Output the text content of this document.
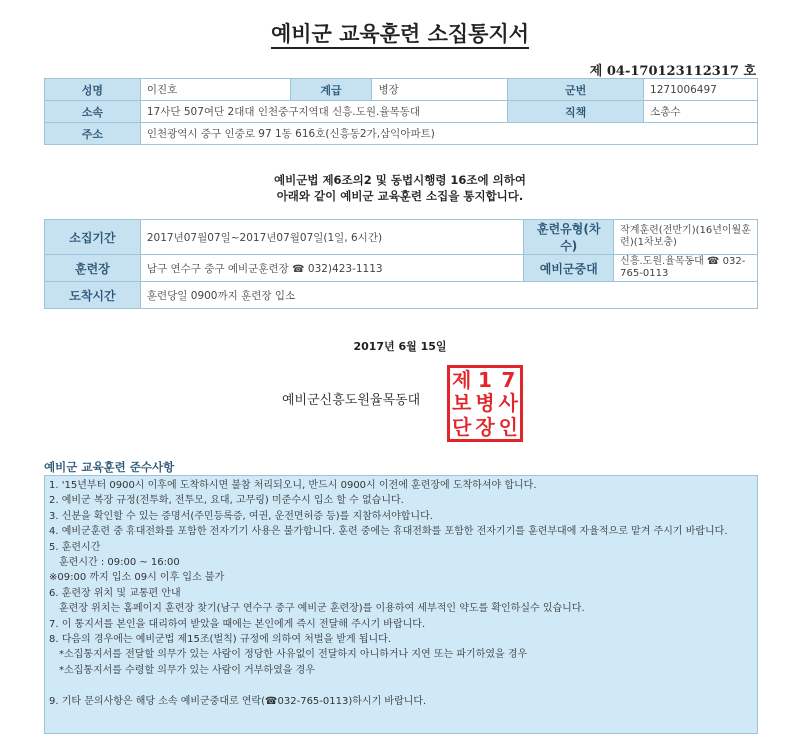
예비군 교육훈련 소집통지서
제 04-170123112317 호
성명	이진호	계급	병장	군번	1271006497
소속	17사단 507여단 2대대 인천중구지역대 신흥.도원.율목동대			직책	소총수
주소	인천광역시 중구 인중로 97 1동 616호(신흥동2가,삼익아파트)				
예비군법 제6조의2 및 동법시행령 16조에 의하여
아래와 같이 예비군 교육훈련 소집을 통지합니다.
소집기간	2017년07월07일~2017년07월07일(1일, 6시간)	훈련유형(차수)	작계훈련(전반기)(16년이월훈련)(1차보충)
훈련장	남구 연수구 중구 예비군훈련장 ☎ 032)423-1113	예비군중대	신흥.도원.율목동대 ☎ 032-765-0113
도착시간	훈련당일 0900까지 훈련장 입소		
2017년 6월 15일
예비군신흥도원율목동대
제 1 7
보 병 사
단 장 인
예비군 교육훈련 준수사항
1. '15년부터 0900시 이후에 도착하시면 불참 처리되오니, 반드시 0900시 이전에 훈련장에 도착하셔야 합니다.
2. 예비군 복장 규정(전투화, 전투모, 요대, 고무링) 미준수시 입소 할 수 없습니다.
3. 신분을 확인할 수 있는 증명서(주민등록증, 여권, 운전면허증 등)를 지참하셔야합니다.
4. 예비군훈련 중 휴대전화를 포함한 전자기기 사용은 불가합니다. 훈련 중에는 휴대전화를 포함한 전자기기를 훈련부대에 자율적으로 맡겨 주시기 바랍니다.
5. 훈련시간
훈련시간 : 09:00 ~ 16:00
※09:00 까지 입소 09시 이후 입소 불가
6. 훈련장 위치 및 교통편 안내
훈련장 위치는 홈페이지 훈련장 찾기(남구 연수구 중구 예비군 훈련장)를 이용하여 세부적인 약도를 확인하실수 있습니다.
7. 이 통지서를 본인을 대리하여 받았을 때에는 본인에게 즉시 전달해 주시기 바랍니다.
8. 다음의 경우에는 예비군법 제15조(벌칙) 규정에 의하여 처벌을 받게 됩니다.
*소집통지서를 전달할 의무가 있는 사람이 정당한 사유없이 전달하지 아니하거나 지연 또는 파기하였을 경우
*소집통지서를 수령할 의무가 있는 사람이 거부하였을 경우
9. 기타 문의사항은 해당 소속 예비군중대로 연락(☎032-765-0113)하시기 바랍니다.
